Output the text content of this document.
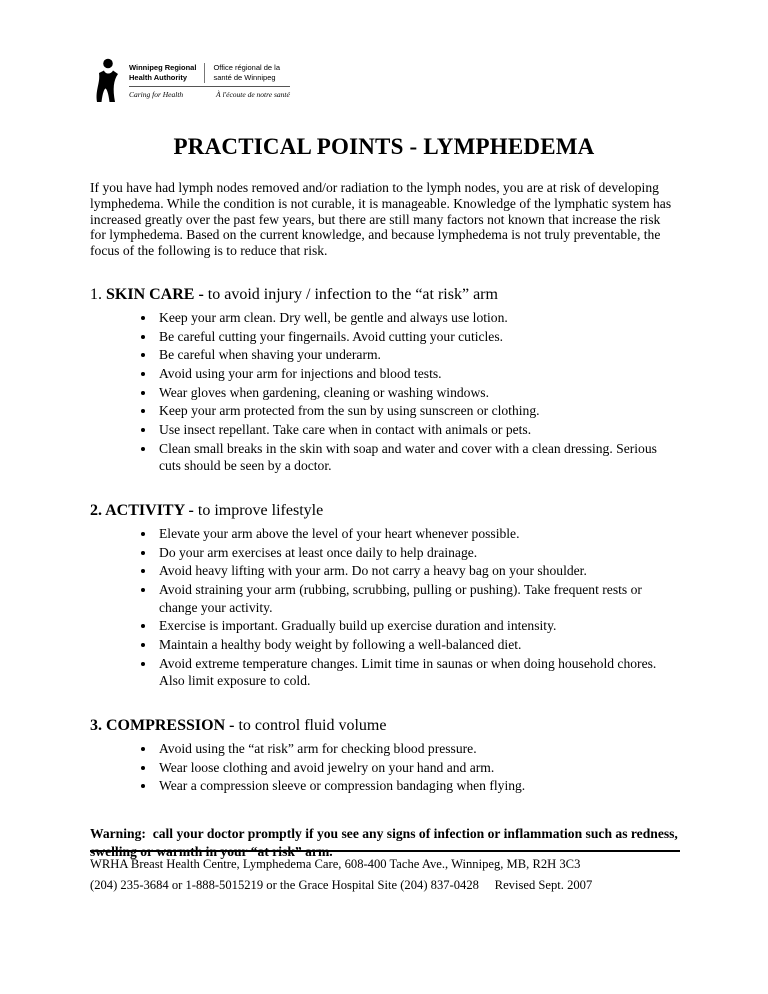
Winnipeg Regional
Health Authority
Office régional de la
santé de Winnipeg
Caring for Health	À l'écoute de notre santé
PRACTICAL POINTS - LYMPHEDEMA

If you have had lymph nodes removed and/or radiation to the lymph nodes, you are at risk of developing lymphedema. While the condition is not curable, it is manageable. Knowledge of the lymphatic system has increased greatly over the past few years, but there are still many factors not known that increase the risk for lymphedema. Based on the current knowledge, and because lymphedema is not truly preventable, the focus of the following is to reduce that risk.

1. SKIN CARE - to avoid injury / infection to the “at risk” arm
• Keep your arm clean. Dry well, be gentle and always use lotion.
• Be careful cutting your fingernails. Avoid cutting your cuticles.
• Be careful when shaving your underarm.
• Avoid using your arm for injections and blood tests.
• Wear gloves when gardening, cleaning or washing windows.
• Keep your arm protected from the sun by using sunscreen or clothing.
• Use insect repellant. Take care when in contact with animals or pets.
• Clean small breaks in the skin with soap and water and cover with a clean dressing. Serious cuts should be seen by a doctor.
2. ACTIVITY - to improve lifestyle
• Elevate your arm above the level of your heart whenever possible.
• Do your arm exercises at least once daily to help drainage.
• Avoid heavy lifting with your arm. Do not carry a heavy bag on your shoulder.
• Avoid straining your arm (rubbing, scrubbing, pulling or pushing). Take frequent rests or change your activity.
• Exercise is important. Gradually build up exercise duration and intensity.
• Maintain a healthy body weight by following a well-balanced diet.
• Avoid extreme temperature changes. Limit time in saunas or when doing household chores. Also limit exposure to cold.
3. COMPRESSION - to control fluid volume
• Avoid using the “at risk” arm for checking blood pressure.
• Wear loose clothing and avoid jewelry on your hand and arm.
• Wear a compression sleeve or compression bandaging when flying.

Warning:  call your doctor promptly if you see any signs of infection or inflammation such as redness, swelling or warmth in your “at risk” arm.

WRHA Breast Health Centre, Lymphedema Care, 608-400 Tache Ave., Winnipeg, MB, R2H 3C3

(204) 235-3684 or 1-888-5015219 or the Grace Hospital Site (204) 837-0428     Revised Sept. 2007
